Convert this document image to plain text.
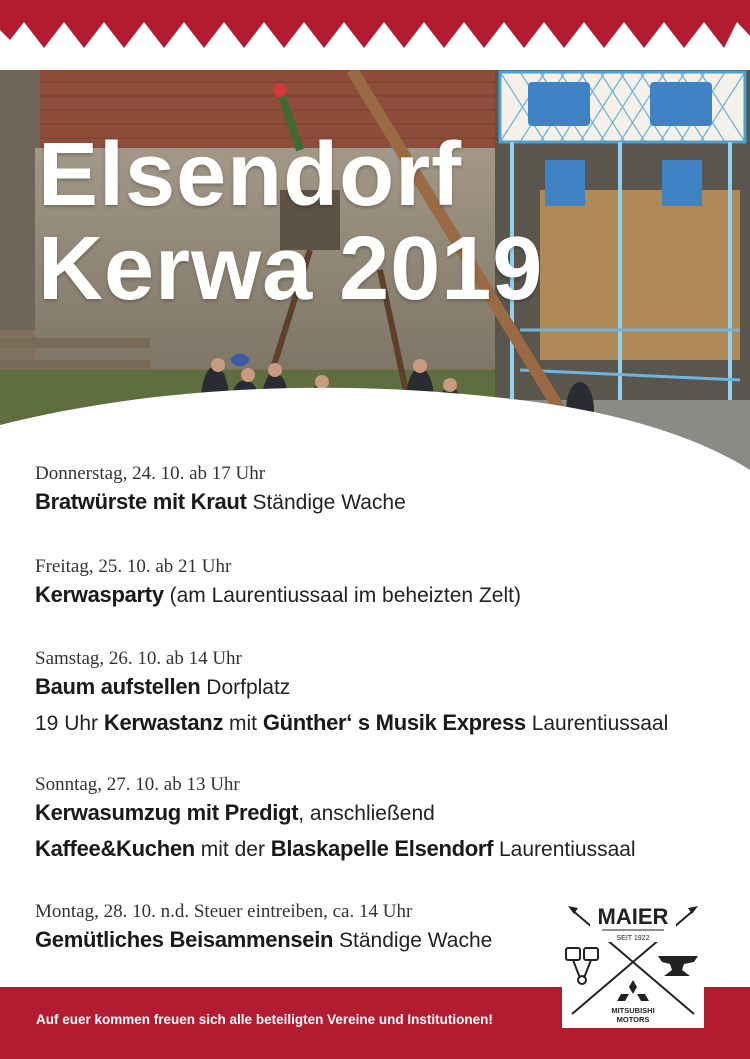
Elsendorf
Kerwa 2019
Donnerstag, 24. 10. ab 17 Uhr
Bratwürste mit Kraut Ständige Wache
Freitag, 25. 10. ab 21 Uhr
Kerwasparty (am Laurentiussaal im beheizten Zelt)
Samstag, 26. 10. ab 14 Uhr
Baum aufstellen Dorfplatz
19 Uhr Kerwastanz mit Günther‘ s Musik Express Laurentiussaal
Sonntag, 27. 10. ab 13 Uhr
Kerwasumzug mit Predigt, anschließend
Kaffee&Kuchen mit der Blaskapelle Elsendorf Laurentiussaal
Montag, 28. 10. n.d. Steuer eintreiben, ca. 14 Uhr
Gemütliches Beisammensein Ständige Wache
Auf euer kommen freuen sich alle beteiligten Vereine und Institutionen!
MAIER
SEIT 1922
MITSUBISHI
MOTORS
